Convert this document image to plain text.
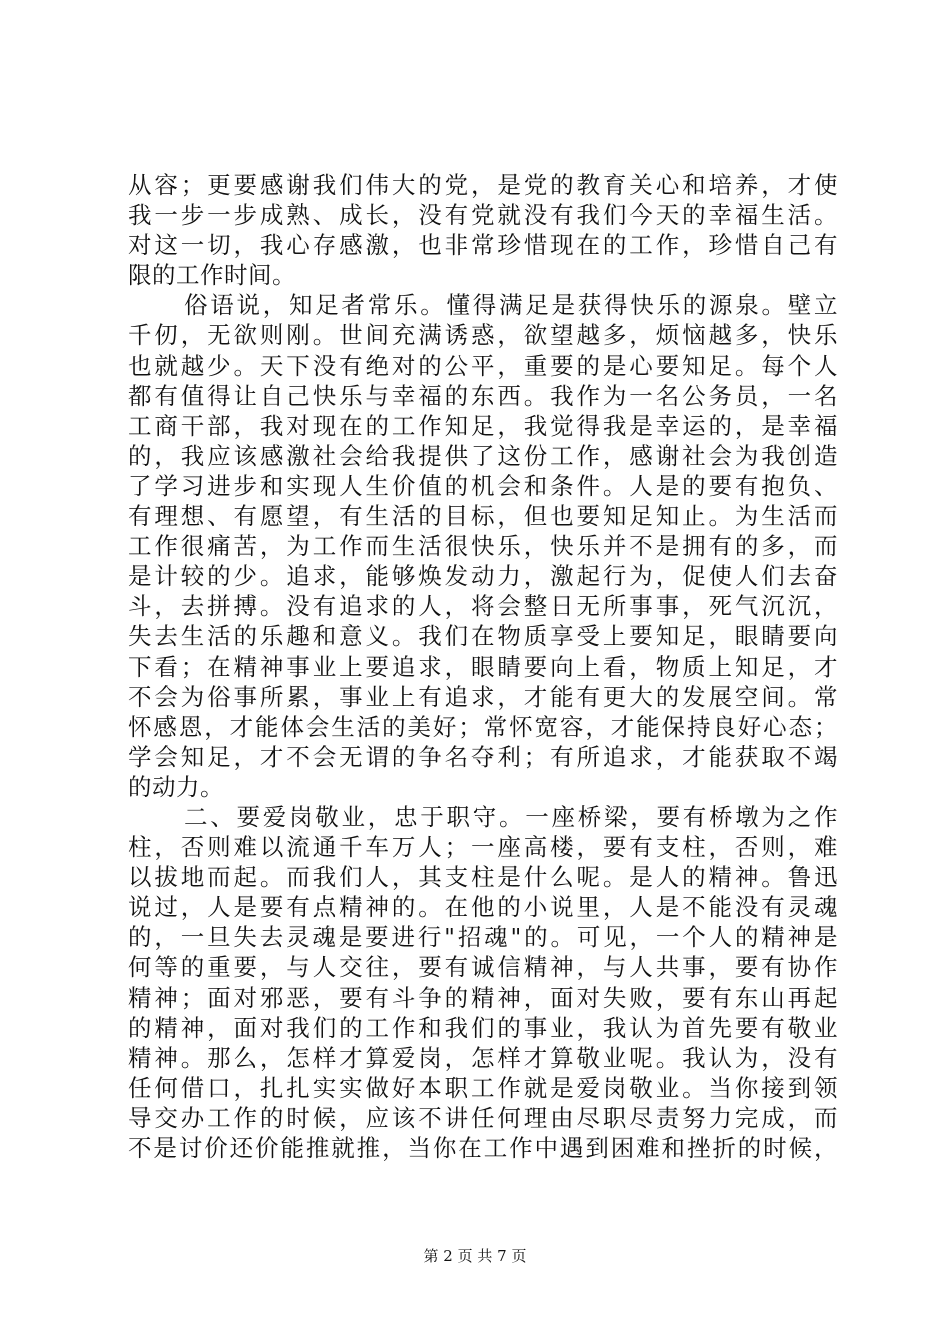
从容；更要感谢我们伟大的党，是党的教育关心和培养，才使
我一步一步成熟、成长，没有党就没有我们今天的幸福生活。
对这一切，我心存感激，也非常珍惜现在的工作，珍惜自己有
限的工作时间。
俗语说，知足者常乐。懂得满足是获得快乐的源泉。壁立
千仞，无欲则刚。世间充满诱惑，欲望越多，烦恼越多，快乐
也就越少。天下没有绝对的公平，重要的是心要知足。每个人
都有值得让自己快乐与幸福的东西。我作为一名公务员，一名
工商干部，我对现在的工作知足，我觉得我是幸运的，是幸福
的，我应该感激社会给我提供了这份工作，感谢社会为我创造
了学习进步和实现人生价值的机会和条件。人是的要有抱负、
有理想、有愿望，有生活的目标，但也要知足知止。为生活而
工作很痛苦，为工作而生活很快乐，快乐并不是拥有的多，而
是计较的少。追求，能够焕发动力，激起行为，促使人们去奋
斗，去拼搏。没有追求的人，将会整日无所事事，死气沉沉，
失去生活的乐趣和意义。我们在物质享受上要知足，眼睛要向
下看；在精神事业上要追求，眼睛要向上看，物质上知足，才
不会为俗事所累，事业上有追求，才能有更大的发展空间。常
怀感恩，才能体会生活的美好；常怀宽容，才能保持良好心态；
学会知足，才不会无谓的争名夺利；有所追求，才能获取不竭
的动力。
二、要爱岗敬业，忠于职守。一座桥梁，要有桥墩为之作
柱，否则难以流通千车万人；一座高楼，要有支柱，否则，难
以拔地而起。而我们人，其支柱是什么呢。是人的精神。鲁迅
说过，人是要有点精神的。在他的小说里，人是不能没有灵魂
的，一旦失去灵魂是要进行"招魂"的。可见，一个人的精神是
何等的重要，与人交往，要有诚信精神，与人共事，要有协作
精神；面对邪恶，要有斗争的精神，面对失败，要有东山再起
的精神，面对我们的工作和我们的事业，我认为首先要有敬业
精神。那么，怎样才算爱岗，怎样才算敬业呢。我认为，没有
任何借口，扎扎实实做好本职工作就是爱岗敬业。当你接到领
导交办工作的时候，应该不讲任何理由尽职尽责努力完成，而
不是讨价还价能推就推，当你在工作中遇到困难和挫折的时候，
第 2 页 共 7 页
